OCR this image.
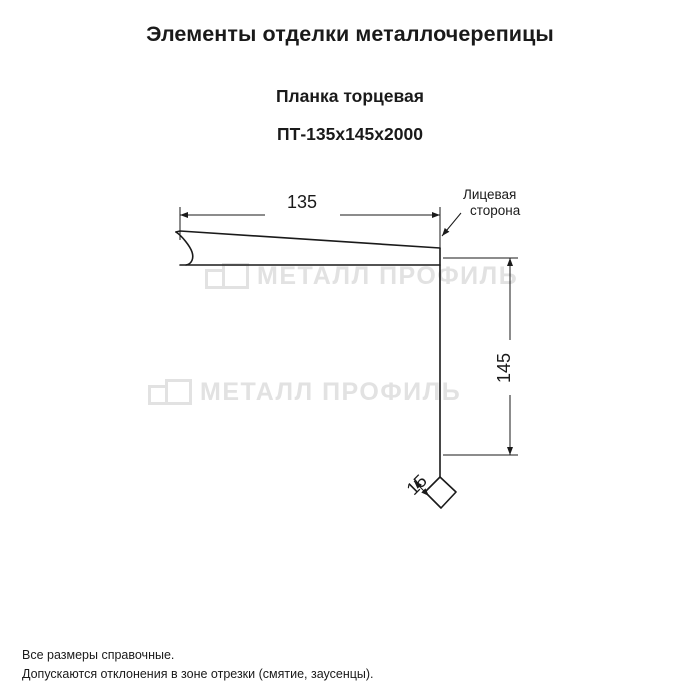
Элементы отделки металлочерепицы
Планка торцевая
ПТ-135х145х2000
МЕТАЛЛ ПРОФИЛЬ
МЕТАЛЛ ПРОФИЛЬ
135
145
15
Лицевая
сторона
Все размеры справочные.
Допускаются отклонения в зоне отрезки (смятие, заусенцы).
